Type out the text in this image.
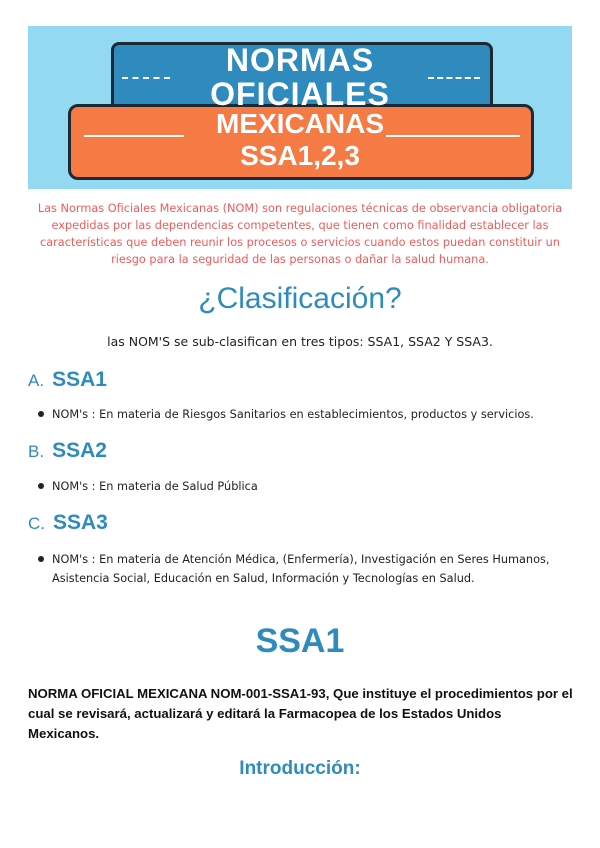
NORMAS
OFICIALES
MEXICANAS
SSA1,2,3
Las Normas Oficiales Mexicanas (NOM) son regulaciones técnicas de observancia obligatoria expedidas por las dependencias competentes, que tienen como finalidad establecer las características que deben reunir los procesos o servicios cuando estos puedan constituir un riesgo para la seguridad de las personas o dañar la salud humana.
¿Clasificación?
las NOM'S se sub-clasifican en tres tipos: SSA1, SSA2 Y SSA3.
A. SSA1
NOM's : En materia de Riesgos Sanitarios en establecimientos, productos y servicios.
B. SSA2
NOM's : En materia de Salud Pública
C. SSA3
NOM's : En materia de Atención Médica, (Enfermería), Investigación en Seres Humanos, Asistencia Social, Educación en Salud, Información y Tecnologías en Salud.
SSA1
NORMA OFICIAL MEXICANA NOM-001-SSA1-93, Que instituye el procedimientos por el cual se revisará, actualizará y editará la Farmacopea de los Estados Unidos Mexicanos.
Introducción:
